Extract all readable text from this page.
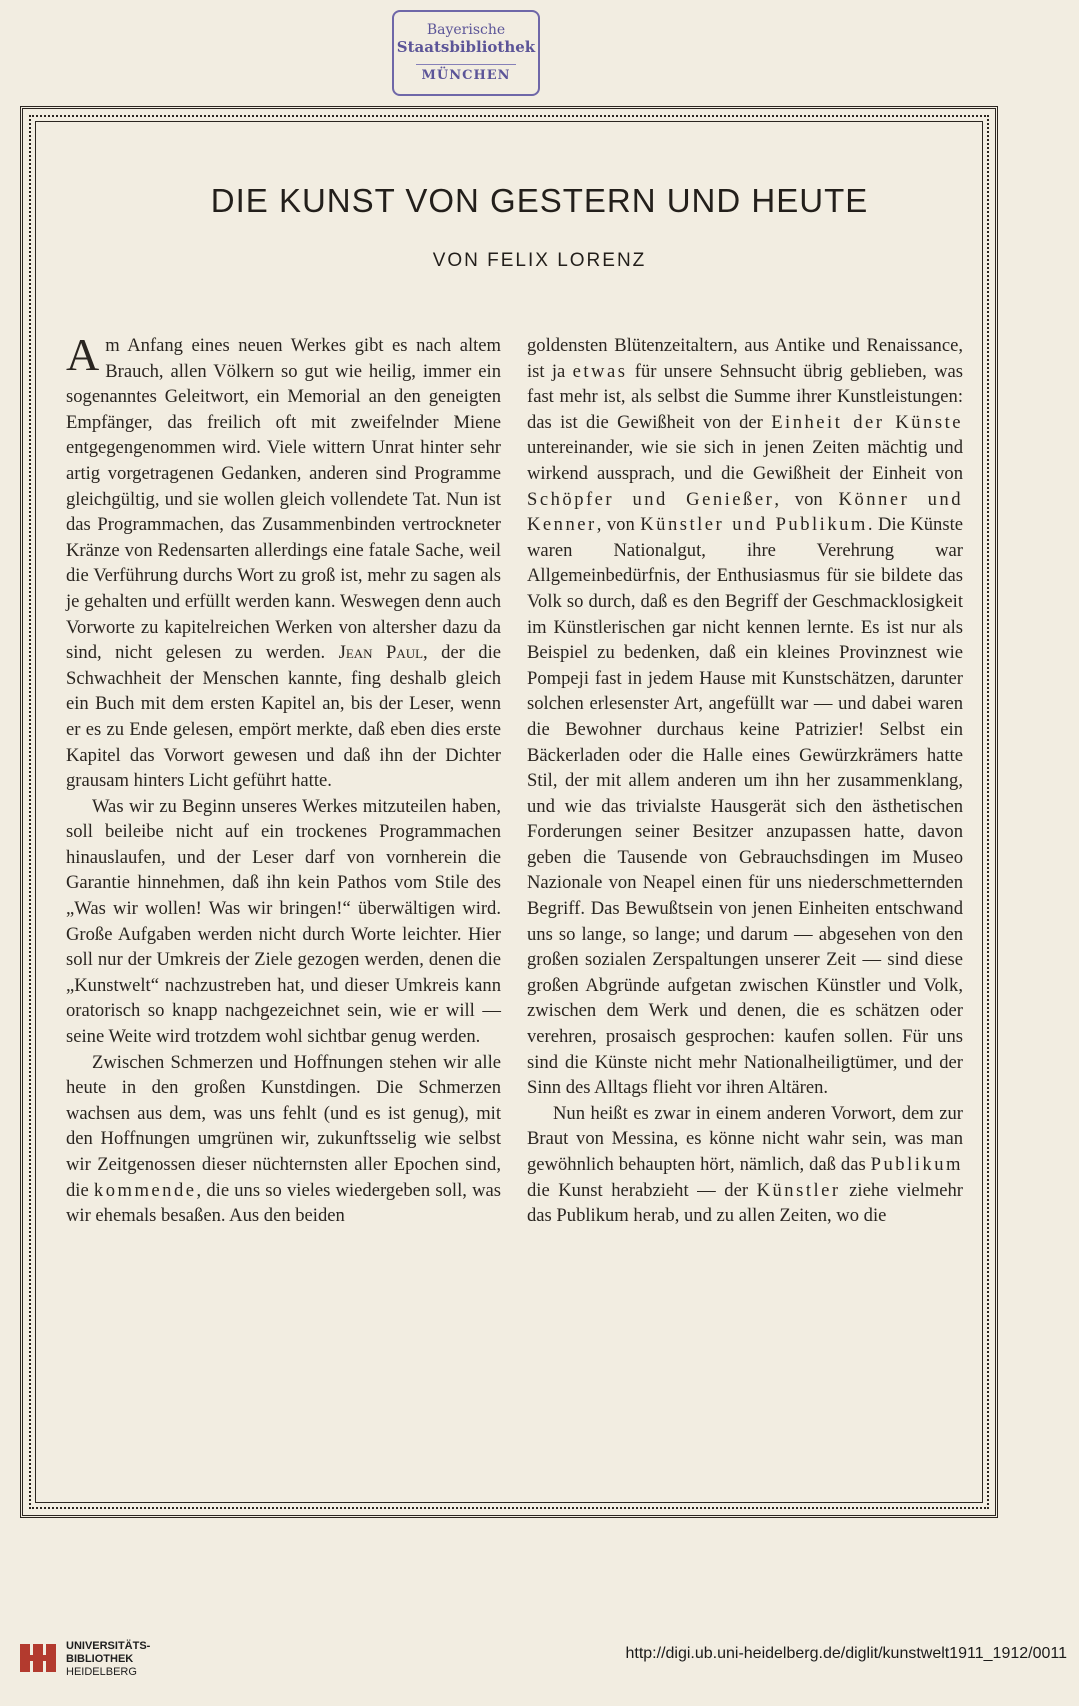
Bayerische
Staatsbibliothek
MÜNCHEN
DIE KUNST VON GESTERN UND HEUTE
VON FELIX LORENZ

Am Anfang eines neuen Werkes gibt es nach altem Brauch, allen Völkern so gut wie heilig, immer ein sogenanntes Geleitwort, ein Memorial an den geneigten Empfänger, das freilich oft mit zweifelnder Miene entgegengenommen wird. Viele wittern Unrat hinter sehr artig vorgetragenen Gedanken, anderen sind Programme gleichgültig, und sie wollen gleich vollendete Tat. Nun ist das Programmachen, das Zusammenbinden vertrockneter Kränze von Redensarten allerdings eine fatale Sache, weil die Verführung durchs Wort zu groß ist, mehr zu sagen als je gehalten und erfüllt werden kann. Weswegen denn auch Vorworte zu kapitelreichen Werken von altersher dazu da sind, nicht gelesen zu werden. Jean Paul, der die Schwachheit der Menschen kannte, fing deshalb gleich ein Buch mit dem ersten Kapitel an, bis der Leser, wenn er es zu Ende gelesen, empört merkte, daß eben dies erste Kapitel das Vorwort gewesen und daß ihn der Dichter grausam hinters Licht geführt hatte.

Was wir zu Beginn unseres Werkes mitzuteilen haben, soll beileibe nicht auf ein trockenes Programmachen hinauslaufen, und der Leser darf von vornherein die Garantie hinnehmen, daß ihn kein Pathos vom Stile des „Was wir wollen! Was wir bringen!“ überwältigen wird. Große Aufgaben werden nicht durch Worte leichter. Hier soll nur der Umkreis der Ziele gezogen werden, denen die „Kunstwelt“ nachzustreben hat, und dieser Umkreis kann oratorisch so knapp nachgezeichnet sein, wie er will — seine Weite wird trotzdem wohl sichtbar genug werden.

Zwischen Schmerzen und Hoffnungen stehen wir alle heute in den großen Kunstdingen. Die Schmerzen wachsen aus dem, was uns fehlt (und es ist genug), mit den Hoffnungen umgrünen wir, zukunftsselig wie selbst wir Zeitgenossen dieser nüchternsten aller Epochen sind, die kommende, die uns so vieles wiedergeben soll, was wir ehemals besaßen. Aus den beiden

goldensten Blütenzeitaltern, aus Antike und Renaissance, ist ja etwas für unsere Sehnsucht übrig geblieben, was fast mehr ist, als selbst die Summe ihrer Kunstleistungen: das ist die Gewißheit von der Einheit der Künste untereinander, wie sie sich in jenen Zeiten mächtig und wirkend aussprach, und die Gewißheit der Einheit von Schöpfer und Genießer, von Könner und Kenner, von Künstler und Publikum. Die Künste waren Nationalgut, ihre Verehrung war Allgemeinbedürfnis, der Enthusiasmus für sie bildete das Volk so durch, daß es den Begriff der Geschmacklosigkeit im Künstlerischen gar nicht kennen lernte. Es ist nur als Beispiel zu bedenken, daß ein kleines Provinznest wie Pompeji fast in jedem Hause mit Kunstschätzen, darunter solchen erlesenster Art, angefüllt war — und dabei waren die Bewohner durchaus keine Patrizier! Selbst ein Bäckerladen oder die Halle eines Gewürzkrämers hatte Stil, der mit allem anderen um ihn her zusammenklang, und wie das trivialste Hausgerät sich den ästhetischen Forderungen seiner Besitzer anzupassen hatte, davon geben die Tausende von Gebrauchsdingen im Museo Nazionale von Neapel einen für uns niederschmetternden Begriff. Das Bewußtsein von jenen Einheiten entschwand uns so lange, so lange; und darum — abgesehen von den großen sozialen Zerspaltungen unserer Zeit — sind diese großen Abgründe aufgetan zwischen Künstler und Volk, zwischen dem Werk und denen, die es schätzen oder verehren, prosaisch gesprochen: kaufen sollen. Für uns sind die Künste nicht mehr Nationalheiligtümer, und der Sinn des Alltags flieht vor ihren Altären.

Nun heißt es zwar in einem anderen Vorwort, dem zur Braut von Messina, es könne nicht wahr sein, was man gewöhnlich behaupten hört, nämlich, daß das Publikum die Kunst herabzieht — der Künstler ziehe vielmehr das Publikum herab, und zu allen Zeiten, wo die

UNIVERSITÄTS-
BIBLIOTHEK
HEIDELBERG
http://digi.ub.uni-heidelberg.de/diglit/kunstwelt1911_1912/0011
